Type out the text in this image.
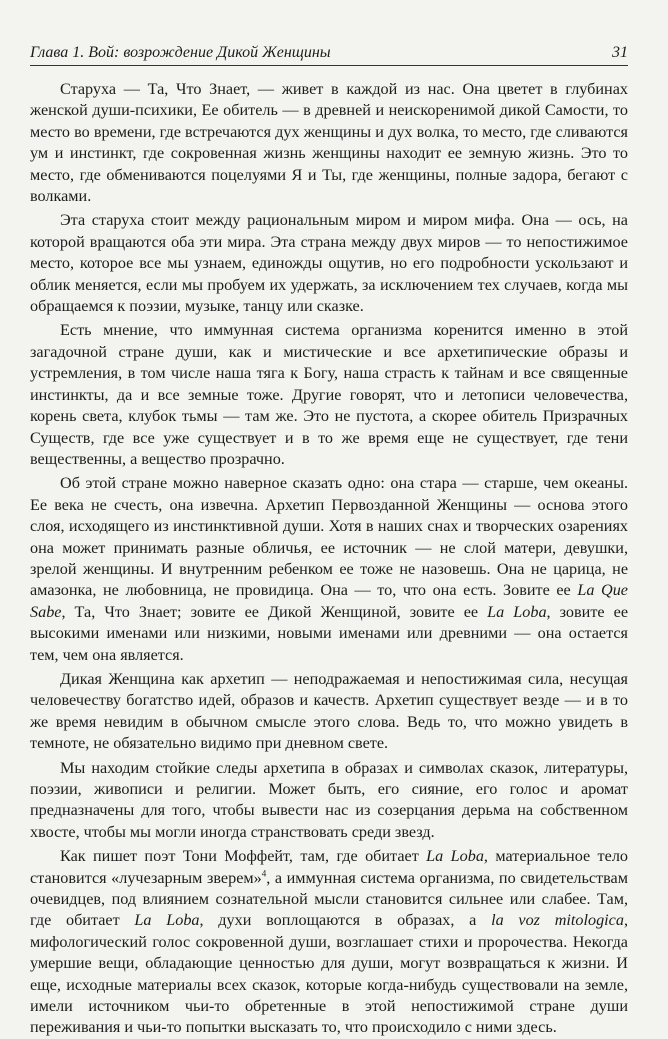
Глава 1. Вой: возрождение Дикой Женщины	31

Старуха — Та, Что Знает, — живет в каждой из нас. Она цветет в глубинах женской души-психики, Ее обитель — в древней и неискоренимой дикой Самости, то место во времени, где встречаются дух женщины и дух волка, то место, где сливаются ум и инстинкт, где сокровенная жизнь женщины находит ее земную жизнь. Это то место, где обмениваются поцелуями Я и Ты, где женщины, полные задора, бегают с волками.

Эта старуха стоит между рациональным миром и миром мифа. Она — ось, на которой вращаются оба эти мира. Эта страна между двух миров — то непостижимое место, которое все мы узнаем, единожды ощутив, но его подробности ускользают и облик меняется, если мы пробуем их удержать, за исключением тех случаев, когда мы обращаемся к поэзии, музыке, танцу или сказке.

Есть мнение, что иммунная система организма коренится именно в этой загадочной стране души, как и мистические и все архетипические образы и устремления, в том числе наша тяга к Богу, наша страсть к тайнам и все священные инстинкты, да и все земные тоже. Другие говорят, что и летописи человечества, корень света, клубок тьмы — там же. Это не пустота, а скорее обитель Призрачных Существ, где все уже существует и в то же время еще не существует, где тени вещественны, а вещество прозрачно.

Об этой стране можно наверное сказать одно: она стара — старше, чем океаны. Ее века не счесть, она извечна. Архетип Первозданной Женщины — основа этого слоя, исходящего из инстинктивной души. Хотя в наших снах и творческих озарениях она может принимать разные обличья, ее источник — не слой матери, девушки, зрелой женщины. И внутренним ребенком ее тоже не назовешь. Она не царица, не амазонка, не любовница, не провидица. Она — то, что она есть. Зовите ее La Que Sabe, Та, Что Знает; зовите ее Дикой Женщиной, зовите ее La Loba, зовите ее высокими именами или низкими, новыми именами или древними — она остается тем, чем она является.

Дикая Женщина как архетип — неподражаемая и непостижимая сила, несущая человечеству богатство идей, образов и качеств. Архетип существует везде — и в то же время невидим в обычном смысле этого слова. Ведь то, что можно увидеть в темноте, не обязательно видимо при дневном свете.

Мы находим стойкие следы архетипа в образах и символах сказок, литературы, поэзии, живописи и религии. Может быть, его сияние, его голос и аромат предназначены для того, чтобы вывести нас из созерцания дерьма на собственном хвосте, чтобы мы могли иногда странствовать среди звезд.

Как пишет поэт Тони Моффейт, там, где обитает La Loba, материальное тело становится «лучезарным зверем»$^4$, а иммунная система организма, по свидетельствам очевидцев, под влиянием сознательной мысли становится сильнее или слабее. Там, где обитает La Loba, духи воплощаются в образах, а la voz mitologica, мифологический голос сокровенной души, возглашает стихи и пророчества. Некогда умершие вещи, обладающие ценностью для души, могут возвращаться к жизни. И еще, исходные материалы всех сказок, которые когда-нибудь существовали на земле, имели источником чьи-то обретенные в этой непостижимой стране души переживания и чьи-то попытки высказать то, что происходило с ними здесь.
